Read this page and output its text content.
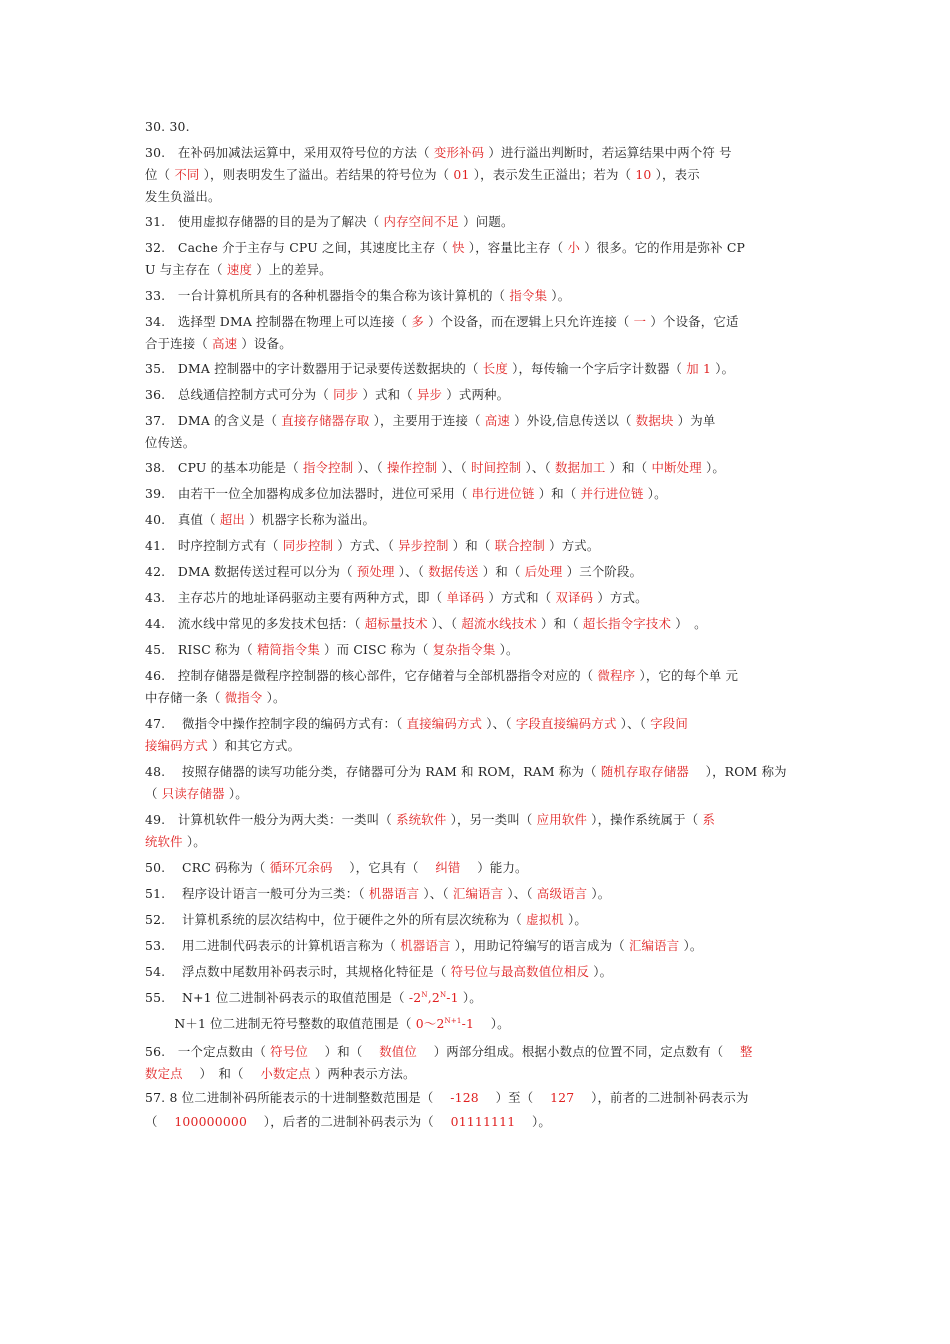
30. 30.
30.　在补码加减法运算中，采用双符号位的方法（ 变形补码 ）进行溢出判断时，若运算结果中两个符 号
位（ 不同 ），则表明发生了溢出。若结果的符号位为（ 01 ），表示发生正溢出；若为（ 10 ），表示
发生负溢出。
31.　使用虚拟存储器的目的是为了解决（ 内存空间不足 ）问题。
32.　Cache 介于主存与 CPU 之间，其速度比主存（ 快 ），容量比主存（ 小 ）很多。它的作用是弥补 CP
U 与主存在（ 速度 ）上的差异。
33.　一台计算机所具有的各种机器指令的集合称为该计算机的（ 指令集 ）。
34.　选择型 DMA 控制器在物理上可以连接（ 多 ）个设备，而在逻辑上只允许连接（ 一 ）个设备，它适
合于连接（ 高速 ）设备。
35.　DMA 控制器中的字计数器用于记录要传送数据块的（ 长度 ），每传输一个字后字计数器（ 加 1 ）。
36.　总线通信控制方式可分为（ 同步 ）式和（ 异步 ）式两种。
37.　DMA 的含义是（ 直接存储器存取 ），主要用于连接（ 高速 ）外设,信息传送以（ 数据块 ）为单
位传送。
38.　CPU 的基本功能是（ 指令控制 ）、（ 操作控制 ）、（ 时间控制 ）、（ 数据加工 ）和（ 中断处理 ）。
39.　由若干一位全加器构成多位加法器时，进位可采用（ 串行进位链 ）和（ 并行进位链 ）。
40.　真值（ 超出 ）机器字长称为溢出。
41.　时序控制方式有（ 同步控制 ）方式、（ 异步控制 ）和（ 联合控制 ）方式。
42.　DMA 数据传送过程可以分为（ 预处理 ）、（ 数据传送 ）和（ 后处理 ）三个阶段。
43.　主存芯片的地址译码驱动主要有两种方式，即（ 单译码 ）方式和（ 双译码 ）方式。
44.　流水线中常见的多发技术包括：（ 超标量技术 ）、（ 超流水线技术 ）和（ 超长指令字技术 ）　。
45.　RISC 称为（ 精简指令集 ）而 CISC 称为（ 复杂指令集 ）。
46.　控制存储器是微程序控制器的核心部件，它存储着与全部机器指令对应的（ 微程序 ），它的每个单 元
中存储一条（ 微指令 ）。
47.　 微指令中操作控制字段的编码方式有：（ 直接编码方式 ）、（ 字段直接编码方式 ）、（ 字段间
接编码方式 ）和其它方式。
48.　 按照存储器的读写功能分类，存储器可分为 RAM 和 ROM，RAM 称为（ 随机存取存储器 　），ROM 称为
（ 只读存储器 ）。
49.　计算机软件一般分为两大类：一类叫（ 系统软件 ），另一类叫（ 应用软件 ），操作系统属于（ 系
统软件 ）。
50.　 CRC 码称为（ 循环冗余码 　），它具有（ 　纠错 　）能力。
51.　 程序设计语言一般可分为三类：（ 机器语言 ）、（ 汇编语言 ）、（ 高级语言 ）。
52.　 计算机系统的层次结构中，位于硬件之外的所有层次统称为（ 虚拟机 ）。
53.　 用二进制代码表示的计算机语言称为（ 机器语言 ），用助记符编写的语言成为（ 汇编语言 ）。
54.　 浮点数中尾数用补码表示时，其规格化特征是（ 符号位与最高数值位相反 ）。
55.　 N+1 位二进制补码表示的取值范围是（ $-2^N,2^N-1$ ）。
　　 N＋1 位二进制无符号整数的取值范围是（ $0\sim 2^{N+1}-1$ 　）。
56.　一个定点数由（ 符号位 　）和（ 　数值位 　）两部分组成。根据小数点的位置不同，定点数有（ 　整
数定点 　）　和（ 　小数定点 ）两种表示方法。
57. 8 位二进制补码所能表示的十进制整数范围是（ 　-128 　）至（ 　127 　），前者的二进制补码表示为
（ 　100000000 　），后者的二进制补码表示为（ 　01111111 　）。
